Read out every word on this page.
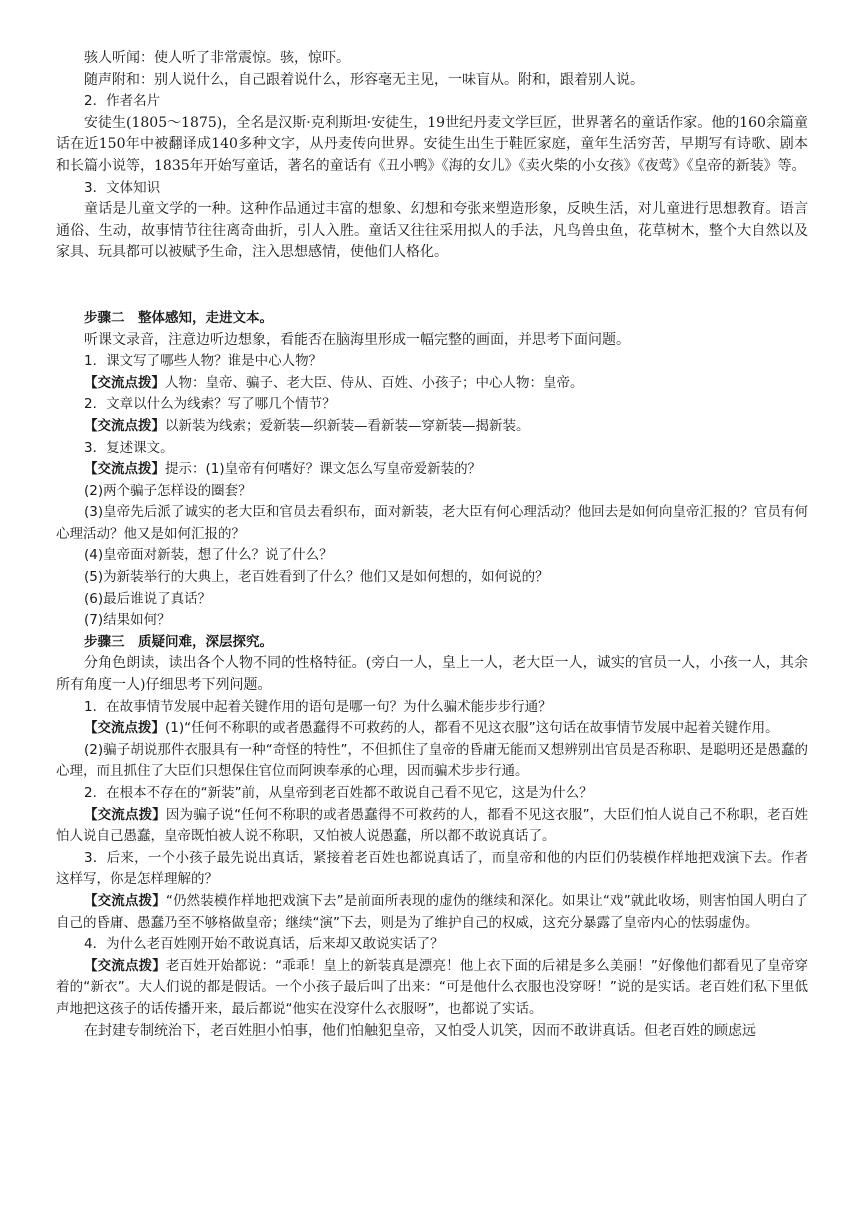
骇人听闻：使人听了非常震惊。骇，惊吓。

随声附和：别人说什么，自己跟着说什么，形容毫无主见，一味盲从。附和，跟着别人说。

2．作者名片

安徒生(1805～1875)，全名是汉斯·克利斯坦·安徒生，19世纪丹麦文学巨匠，世界著名的童话作家。他的160余篇童话在近150年中被翻译成140多种文字，从丹麦传向世界。安徒生出生于鞋匠家庭，童年生活穷苦，早期写有诗歌、剧本和长篇小说等，1835年开始写童话，著名的童话有《丑小鸭》《海的女儿》《卖火柴的小女孩》《夜莺》《皇帝的新装》等。

3．文体知识

童话是儿童文学的一种。这种作品通过丰富的想象、幻想和夸张来塑造形象，反映生活，对儿童进行思想教育。语言通俗、生动，故事情节往往离奇曲折，引人入胜。童话又往往采用拟人的手法，凡鸟兽虫鱼，花草树木，整个大自然以及家具、玩具都可以被赋予生命，注入思想感情，使他们人格化。

步骤二　整体感知，走进文本。

听课文录音，注意边听边想象，看能否在脑海里形成一幅完整的画面，并思考下面问题。

1．课文写了哪些人物？谁是中心人物？

【交流点拨】人物：皇帝、骗子、老大臣、侍从、百姓、小孩子；中心人物：皇帝。

2．文章以什么为线索？写了哪几个情节？

【交流点拨】以新装为线索；爱新装—织新装—看新装—穿新装—揭新装。

3．复述课文。

【交流点拨】提示：(1)皇帝有何嗜好？课文怎么写皇帝爱新装的？

(2)两个骗子怎样设的圈套？

(3)皇帝先后派了诚实的老大臣和官员去看织布，面对新装，老大臣有何心理活动？他回去是如何向皇帝汇报的？官员有何心理活动？他又是如何汇报的？

(4)皇帝面对新装，想了什么？说了什么？

(5)为新装举行的大典上，老百姓看到了什么？他们又是如何想的，如何说的？

(6)最后谁说了真话？

(7)结果如何？

步骤三　质疑问难，深层探究。

分角色朗读，读出各个人物不同的性格特征。(旁白一人，皇上一人，老大臣一人，诚实的官员一人，小孩一人，其余所有角度一人)仔细思考下列问题。

1．在故事情节发展中起着关键作用的语句是哪一句？为什么骗术能步步行通？

【交流点拨】(1)“任何不称职的或者愚蠢得不可救药的人，都看不见这衣服”这句话在故事情节发展中起着关键作用。

(2)骗子胡说那件衣服具有一种“奇怪的特性”，不但抓住了皇帝的昏庸无能而又想辨别出官员是否称职、是聪明还是愚蠢的心理，而且抓住了大臣们只想保住官位而阿谀奉承的心理，因而骗术步步行通。

2．在根本不存在的“新装”前，从皇帝到老百姓都不敢说自己看不见它，这是为什么？

【交流点拨】因为骗子说“任何不称职的或者愚蠢得不可救药的人，都看不见这衣服”，大臣们怕人说自己不称职，老百姓怕人说自己愚蠢，皇帝既怕被人说不称职，又怕被人说愚蠢，所以都不敢说真话了。

3．后来，一个小孩子最先说出真话，紧接着老百姓也都说真话了，而皇帝和他的内臣们仍装模作样地把戏演下去。作者这样写，你是怎样理解的？

【交流点拨】“仍然装模作样地把戏演下去”是前面所表现的虚伪的继续和深化。如果让“戏”就此收场，则害怕国人明白了自己的昏庸、愚蠢乃至不够格做皇帝；继续“演”下去，则是为了维护自己的权威，这充分暴露了皇帝内心的怯弱虚伪。

4．为什么老百姓刚开始不敢说真话，后来却又敢说实话了？

【交流点拨】老百姓开始都说：“乖乖！皇上的新装真是漂亮！他上衣下面的后裙是多么美丽！”好像他们都看见了皇帝穿着的“新衣”。大人们说的都是假话。一个小孩子最后叫了出来：“可是他什么衣服也没穿呀！”说的是实话。老百姓们私下里低声地把这孩子的话传播开来，最后都说“他实在没穿什么衣服呀”，也都说了实话。

在封建专制统治下，老百姓胆小怕事，他们怕触犯皇帝，又怕受人讥笑，因而不敢讲真话。但老百姓的顾虑远
